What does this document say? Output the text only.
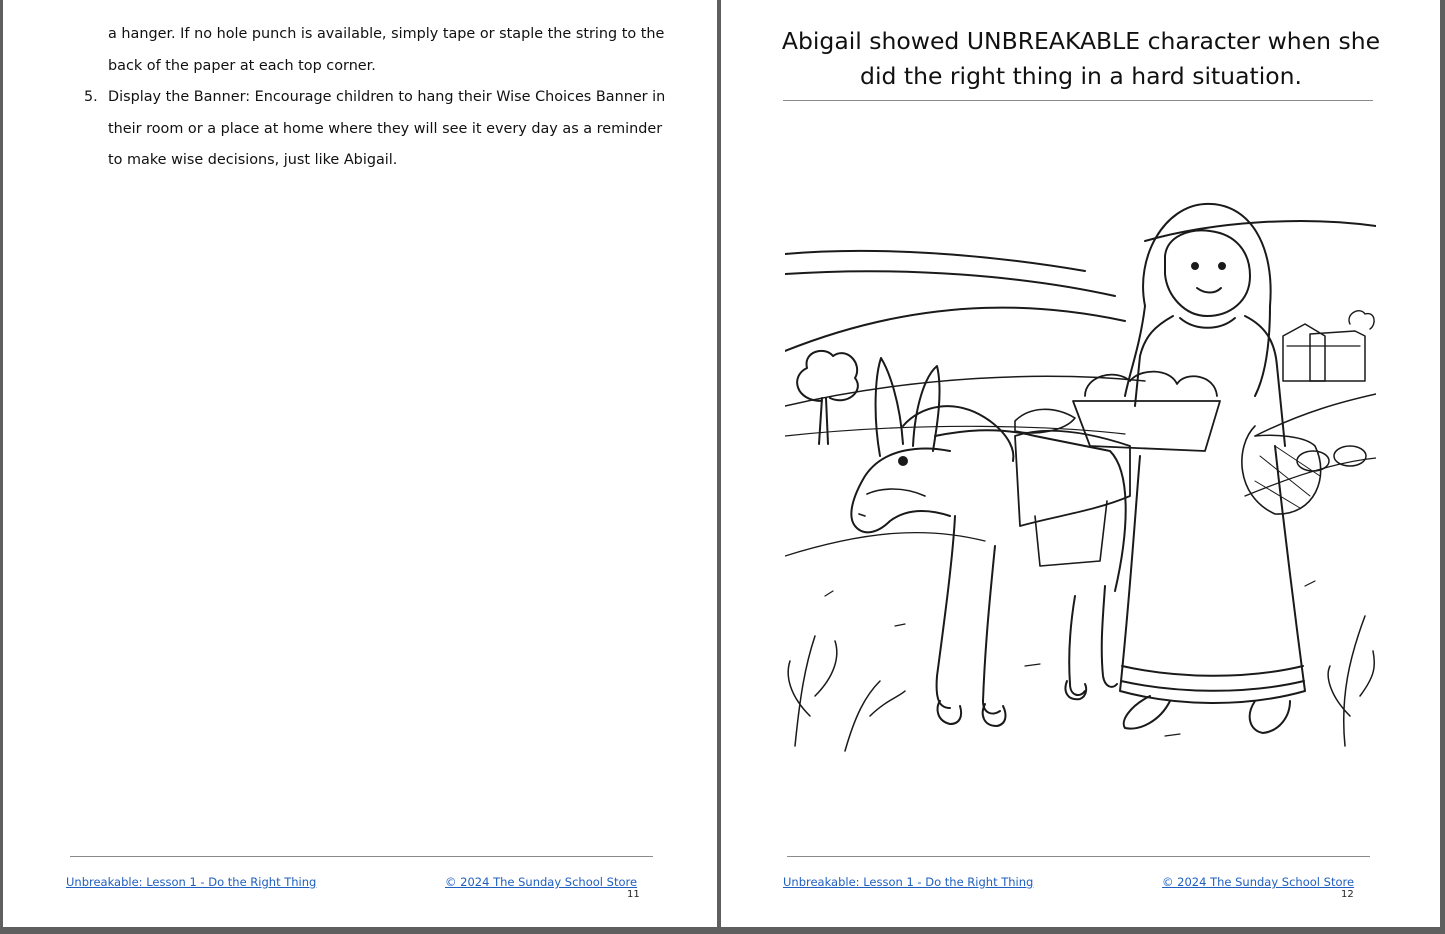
a hanger. If no hole punch is available, simply tape or staple the string to the
back of the paper at each top corner.
5. Display the Banner: Encourage children to hang their Wise Choices Banner in
their room or a place at home where they will see it every day as a reminder
to make wise decisions, just like Abigail.
Unbreakable: Lesson 1 - Do the Right Thing	© 2024 The Sunday School Store
11
Abigail showed UNBREAKABLE character when she
did the right thing in a hard situation.
Unbreakable: Lesson 1 - Do the Right Thing	© 2024 The Sunday School Store
12
